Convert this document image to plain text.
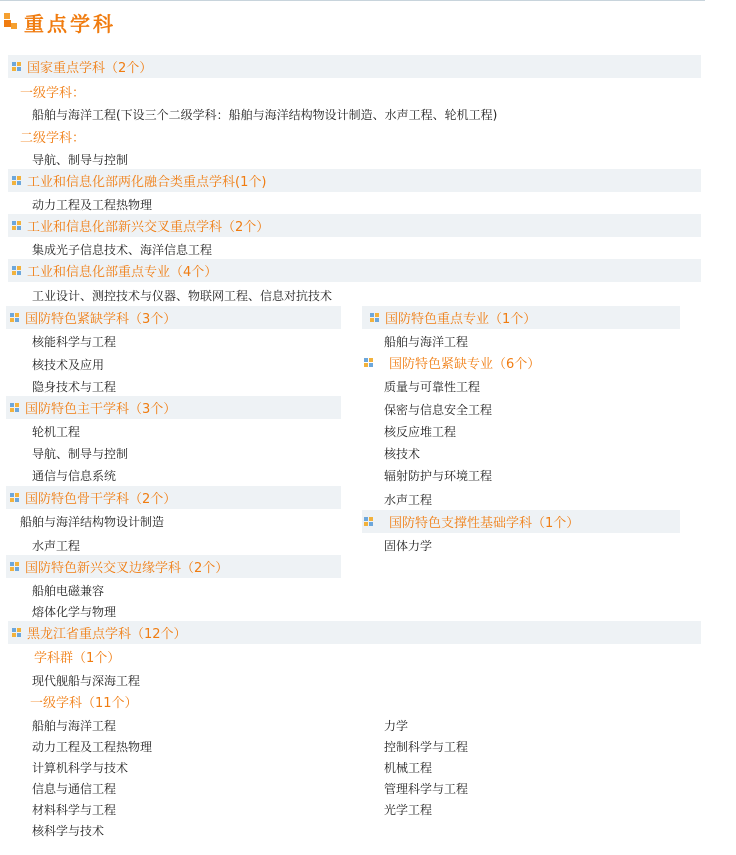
重点学科
国家重点学科（2个）
一级学科：
船舶与海洋工程(下设三个二级学科：船舶与海洋结构物设计制造、水声工程、轮机工程)
二级学科：
导航、制导与控制
工业和信息化部两化融合类重点学科(1个)
动力工程及工程热物理
工业和信息化部新兴交叉重点学科（2个）
集成光子信息技术、海洋信息工程
工业和信息化部重点专业（4个）
工业设计、测控技术与仪器、物联网工程、信息对抗技术
国防特色紧缺学科（3个）
核能科学与工程
核技术及应用
隐身技术与工程
国防特色重点专业（1个）
船舶与海洋工程
国防特色紧缺专业（6个）
质量与可靠性工程
保密与信息安全工程
核反应堆工程
核技术
辐射防护与环境工程
水声工程
国防特色主干学科（3个）
轮机工程
导航、制导与控制
通信与信息系统
国防特色骨干学科（2个）
船舶与海洋结构物设计制造
水声工程
国防特色支撑性基础学科（1个）
固体力学
国防特色新兴交叉边缘学科（2个）
船舶电磁兼容
熔体化学与物理
黑龙江省重点学科（12个）
学科群（1个）
现代舰船与深海工程
一级学科（11个）
船舶与海洋工程
动力工程及工程热物理
计算机科学与技术
信息与通信工程
材料科学与工程
核科学与技术
力学
控制科学与工程
机械工程
管理科学与工程
光学工程
